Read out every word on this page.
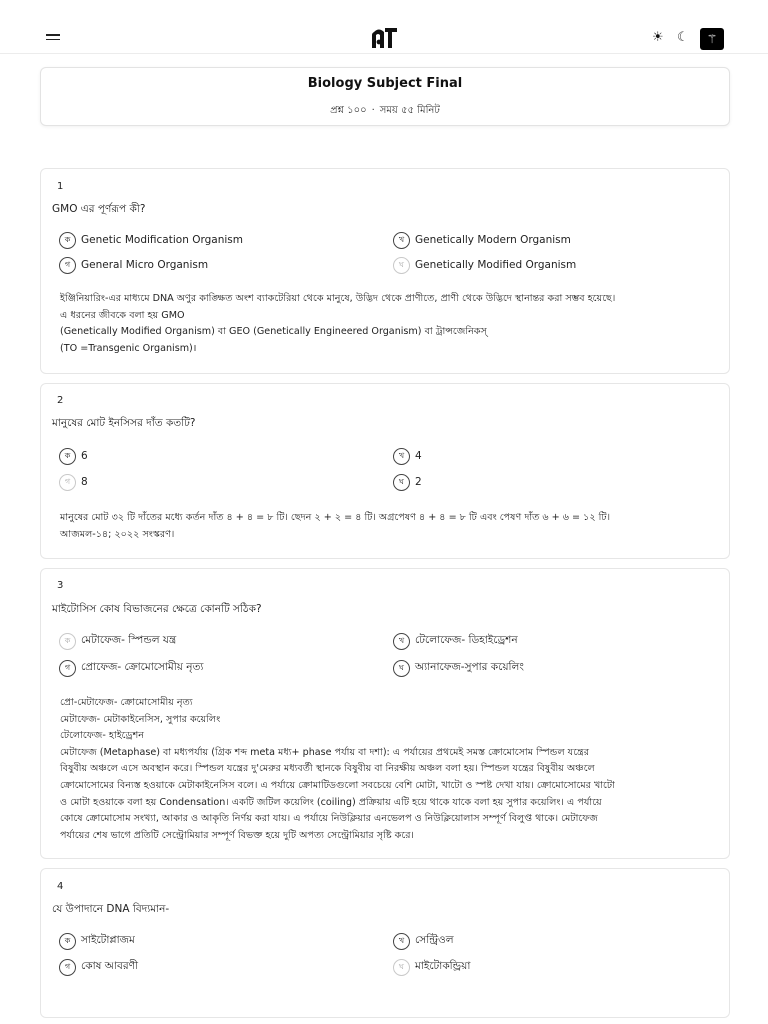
☀ ☾	⚚
Biology Subject Final
প্রশ্ন ১০০ · সময় ৫৫ মিনিট
1
GMO এর পূর্ণরূপ কী?
ক	Genetic Modification Organism	খ	Genetically Modern Organism
গ	General Micro Organism	ঘ	Genetically Modified Organism
ইঞ্জিনিয়ারিং-এর মাধ্যমে DNA অণুর কাঙ্ক্ষিত অংশ ব্যাকটেরিয়া থেকে মানুষে, উদ্ভিদ থেকে প্রাণীতে, প্রাণী থেকে উদ্ভিদে স্থানান্তর করা সম্ভব হয়েছে।
এ ধরনের জীবকে বলা হয় GMO
(Genetically Modified Organism) বা GEO (Genetically Engineered Organism) বা ট্রান্সজেনিকস্
(TO =Transgenic Organism)।
2
মানুষের মোট ইনসিসর দাঁত কতটি?
ক	6	খ	4
গ	8	ঘ	2
মানুষের মোট ৩২ টি দাঁতের মধ্যে কর্তন দাঁত ৪ + ৪ = ৮ টি। ছেদন ২ + ২ = ৪ টি। অগ্রপেষণ ৪ + ৪ = ৮ টি এবং পেষণ দাঁত ৬ + ৬ = ১২ টি।
আজমল-১৪; ২০২২ সংস্করণ।
3
মাইটোসিস কোষ বিভাজনের ক্ষেত্রে কোনটি সঠিক?
ক	মেটাফেজ- স্পিন্ডল যন্ত্র	খ	টেলোফেজ- ডিহাইড্রেশন
গ	প্রোফেজ- ক্রোমোসোমীয় নৃত্য	ঘ	অ্যানাফেজ-সুপার কয়েলিং
প্রো-মেটাফেজ- ক্রোমোসোমীয় নৃত্য
মেটাফেজ- মেটাকাইনেসিস, সুপার কয়েলিং
টেলোফেজ- হাইড্রেশন
মেটাফেজ (Metaphase) বা মধ্যপর্যায় (গ্রিক শব্দ meta মধ্য+ phase পর্যায় বা দশা): এ পর্যায়ের প্রথমেই সমস্ত ক্রোমোসোম স্পিন্ডল যন্ত্রের
বিষুবীয় অঞ্চলে এসে অবস্থান করে। স্পিন্ডল যন্ত্রের দু'মেরুর মধ্যবর্তী স্থানকে বিষুবীয় বা নিরক্ষীয় অঞ্চল বলা হয়। স্পিন্ডল যন্ত্রের বিষুবীয় অঞ্চলে
ক্রোমোসোমের বিন্যস্ত হওয়াকে মেটাকাইনেসিস বলে। এ পর্যায়ে ক্রোমাটিডগুলো সবচেয়ে বেশি মোটা, খাটো ও স্পষ্ট দেখা যায়। ক্রোমোসোমের খাটো
ও মোটা হওয়াকে বলা হয় Condensation। একটি জটিল কয়েলিং (coiling) প্রক্রিয়ায় এটি হয়ে থাকে যাকে বলা হয় সুপার কয়েলিং। এ পর্যায়ে
কোষে ক্রোমোসোম সংখ্যা, আকার ও আকৃতি নির্ণয় করা যায়। এ পর্যায়ে নিউক্লিয়ার এনভেলপ ও নিউক্লিয়োলাস সম্পূর্ণ বিলুপ্ত থাকে। মেটাফেজ
পর্যায়ের শেষ ভাগে প্রতিটি সেন্ট্রোমিয়ার সম্পূর্ণ বিভক্ত হয়ে দুটি অপত্য সেন্ট্রোমিয়ার সৃষ্টি করে।
4
যে উপাদানে DNA বিদ্যমান-
ক	সাইটোপ্লাজম	খ	সেন্ট্রিওল
গ	কোষ আবরণী	ঘ	মাইটোকন্ড্রিয়া
